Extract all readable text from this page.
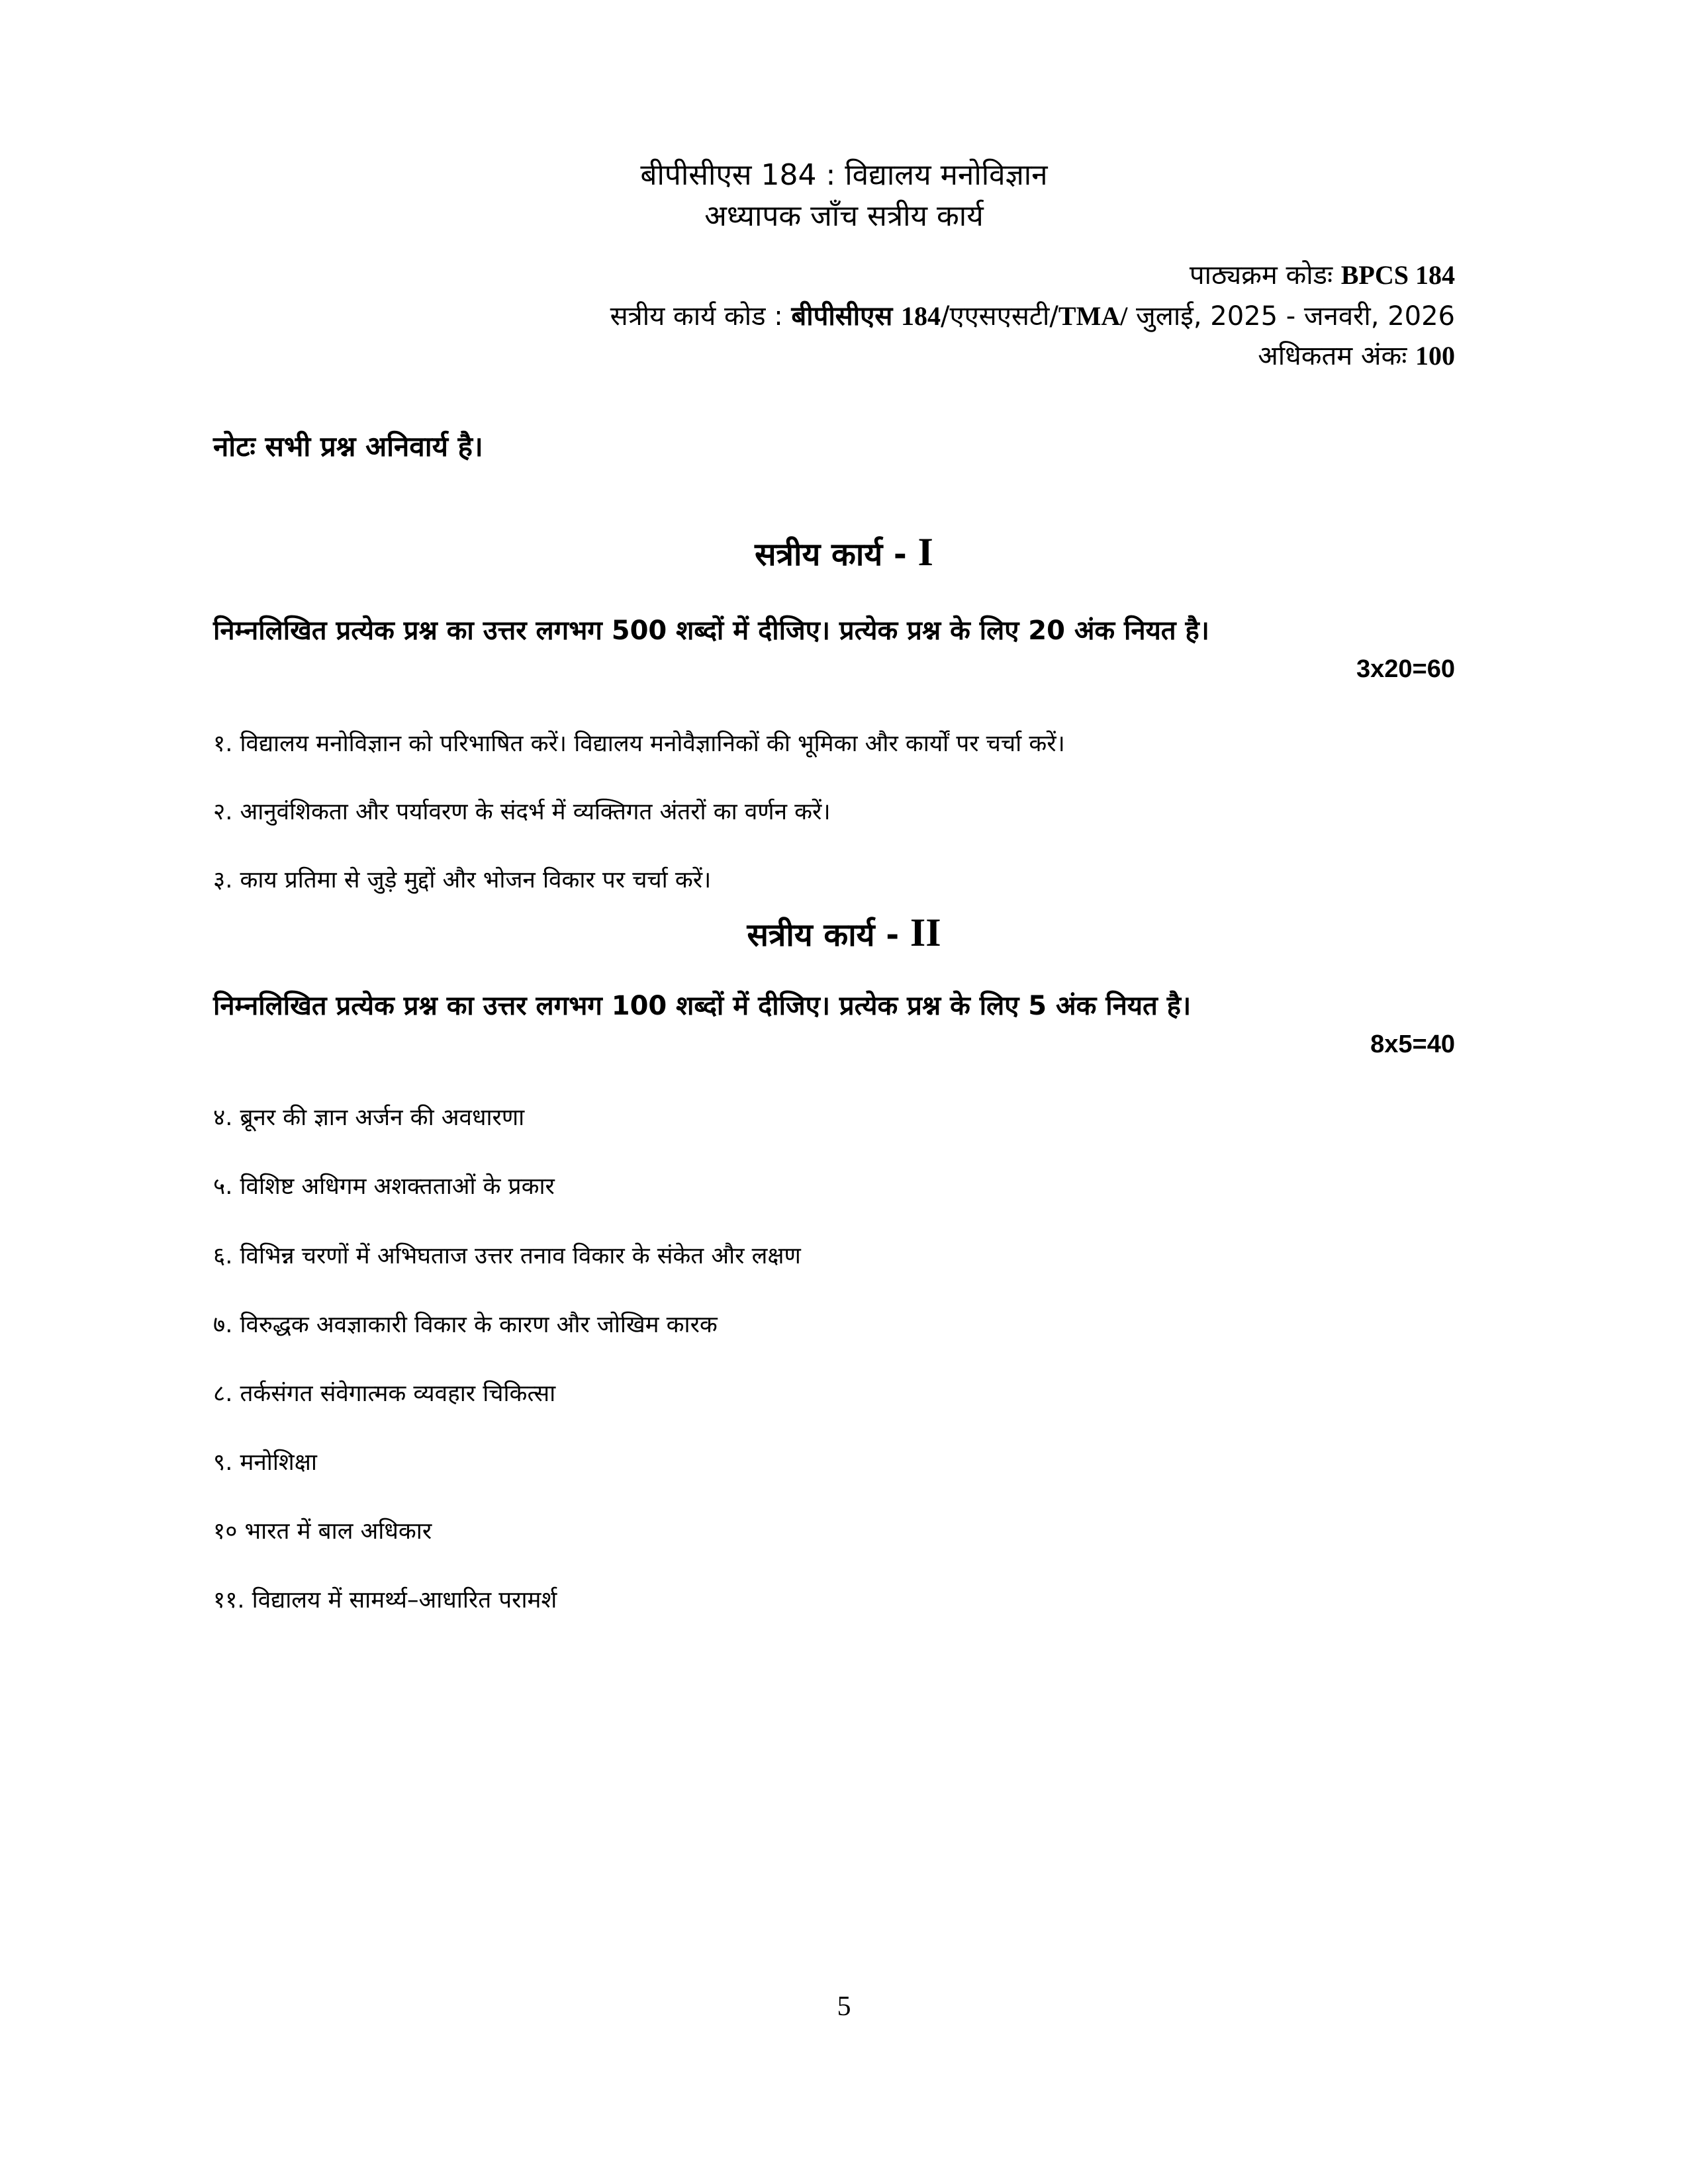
बीपीसीएस 184 : विद्यालय मनोविज्ञान
अध्यापक जाँच सत्रीय कार्य
पाठ्यक्रम कोडः BPCS 184
सत्रीय कार्य कोड : बीपीसीएस 184/एएसएसटी/TMA/ जुलाई, 2025 - जनवरी, 2026
अधिकतम अंकः 100
नोटः सभी प्रश्न अनिवार्य है।
सत्रीय कार्य - I
निम्नलिखित प्रत्येक प्रश्न का उत्तर लगभग 500 शब्दों में दीजिए। प्रत्येक प्रश्न के लिए 20 अंक नियत है।
3x20=60
१. विद्यालय मनोविज्ञान को परिभाषित करें। विद्यालय मनोवैज्ञानिकों की भूमिका और कार्यों पर चर्चा करें।
२. आनुवंशिकता और पर्यावरण के संदर्भ में व्यक्तिगत अंतरों का वर्णन करें।
३. काय प्रतिमा से जुड़े मुद्दों और भोजन विकार पर चर्चा करें।
सत्रीय कार्य - II
निम्नलिखित प्रत्येक प्रश्न का उत्तर लगभग 100 शब्दों में दीजिए। प्रत्येक प्रश्न के लिए 5 अंक नियत है।
8x5=40
४. ब्रूनर की ज्ञान अर्जन की अवधारणा
५. विशिष्ट अधिगम अशक्तताओं के प्रकार
६. विभिन्न चरणों में अभिघताज उत्तर तनाव विकार के संकेत और लक्षण
७. विरुद्धक अवज्ञाकारी विकार के कारण और जोखिम कारक
८. तर्कसंगत संवेगात्मक व्यवहार चिकित्सा
९. मनोशिक्षा
१० भारत में बाल अधिकार
११. विद्यालय में सामर्थ्य–आधारित परामर्श
5
